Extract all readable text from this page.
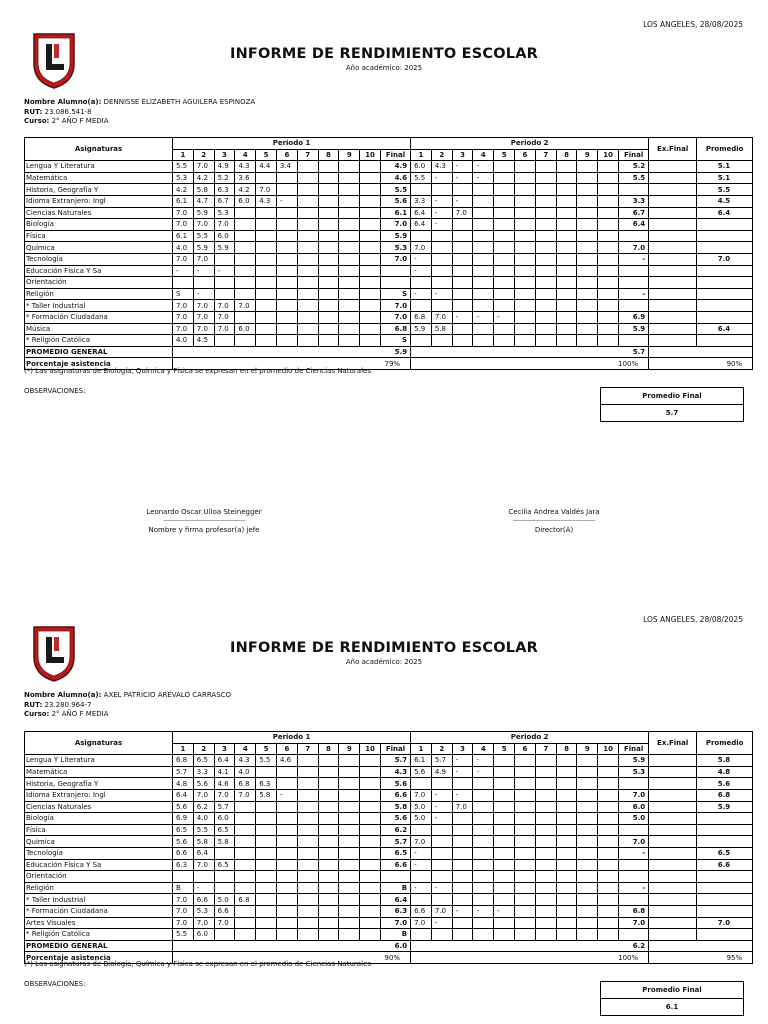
LOS ANGELES, 28/08/2025
INFORME DE RENDIMIENTO ESCOLAR
Año académico: 2025
Nombre Alumno(a): DENNISSE ELIZABETH AGUILERA ESPINOZA
RUT: 23.086.541-8
Curso: 2° AÑO F MEDIA
Asignaturas	Periodo 1											Periodo 2											Ex.Final	Promedio
	1	2	3	4	5	6	7	8	9	10	Final	1	2	3	4	5	6	7	8	9	10	Final		
Lengua Y Literatura	5.5	7.0	4.9	4.3	4.4	3.4					4.9	6.0	4.3	-	-							5.2		5.1
Matemática	5.3	4.2	5.2	3.6							4.6	5.5	-	-	-							5.5		5.1
Historia, Geografía Y	4.2	5.8	6.3	4.2	7.0						5.5													5.5
Idioma Extranjero: Ingl	6.1	4.7	6.7	6.0	4.3	-					5.6	3.3	-	-								3.3		4.5
Ciencias Naturales	7.0	5.9	5.3								6.1	6.4	-	7.0								6.7		6.4
Biología	7.0	7.0	7.0								7.0	6.4	-									6.4		
Física	6.1	5.5	6.0								5.9													
Química	4.0	5.9	5.9								5.3	7.0										7.0		
Tecnología	7.0	7.0									7.0	-										-		7.0
Educación Física Y Sa	-	-	-									-												
Orientación																								
Religión	S	-									S	-	-									-		
* Taller Industrial	7.0	7.0	7.0	7.0							7.0													
* Formación Ciudadana	7.0	7.0	7.0								7.0	6.8	7.0	-	-	-						6.9		
Música	7.0	7.0	7.0	6.0							6.8	5.9	5.8									5.9		6.4
* Religión Católica	4.0	4.5									S													
PROMEDIO GENERAL	5.9											5.7												
Porcentaje asistencia	79%											100%											90%	
(*) Las asignaturas de Biología, Química y Física se expresan en el promedio de Ciencias Naturales
OBSERVACIONES:
Promedio Final
5.7
Leonardo Oscar Ulloa Steinegger
---------------------------------------------------------------
Nombre y firma profesor(a) jefe
Cecilia Andrea Valdés Jara
---------------------------------------------------------------
Director(A)
LOS ANGELES, 28/08/2025
INFORME DE RENDIMIENTO ESCOLAR
Año académico: 2025
Nombre Alumno(a): AXEL PATRICIO ARÉVALO CARRASCO
RUT: 23.280.964-7
Curso: 2° AÑO F MEDIA
Asignaturas	Periodo 1											Periodo 2											Ex.Final	Promedio
	1	2	3	4	5	6	7	8	9	10	Final	1	2	3	4	5	6	7	8	9	10	Final		
Lengua Y Literatura	6.8	6.5	6.4	4.3	5.5	4.6					5.7	6.1	5.7	-	-							5.9		5.8
Matemática	5.7	3.3	4.1	4.0							4.3	5.6	4.9	-	-							5.3		4.8
Historia, Geografía Y	4.8	5.6	4.6	6.8	6.3						5.6													5.6
Idioma Extranjero: Ingl	6.4	7.0	7.0	7.0	5.8	-					6.6	7.0	-	-								7.0		6.8
Ciencias Naturales	5.6	6.2	5.7								5.8	5.0	-	7.0								6.0		5.9
Biología	6.9	4.0	6.0								5.6	5.0	-									5.0		
Física	6.5	5.5	6.5								6.2													
Química	5.6	5.8	5.8								5.7	7.0										7.0		
Tecnología	6.6	6.4									6.5	-										-		6.5
Educación Física Y Sa	6.3	7.0	6.5								6.6	-												6.6
Orientación																								
Religión	B	-									B	-	-									-		
* Taller Industrial	7.0	6.6	5.0	6.8							6.4													
* Formación Ciudadana	7.0	5.3	6.6								6.3	6.6	7.0	-	-	-						6.8		
Artes Visuales	7.0	7.0	7.0								7.0	7.0	-									7.0		7.0
* Religión Católica	5.5	6.0									B													
PROMEDIO GENERAL	6.0											6.2												
Porcentaje asistencia	90%											100%											95%	
(*) Las asignaturas de Biología, Química y Física se expresan en el promedio de Ciencias Naturales
OBSERVACIONES:
Promedio Final
6.1
